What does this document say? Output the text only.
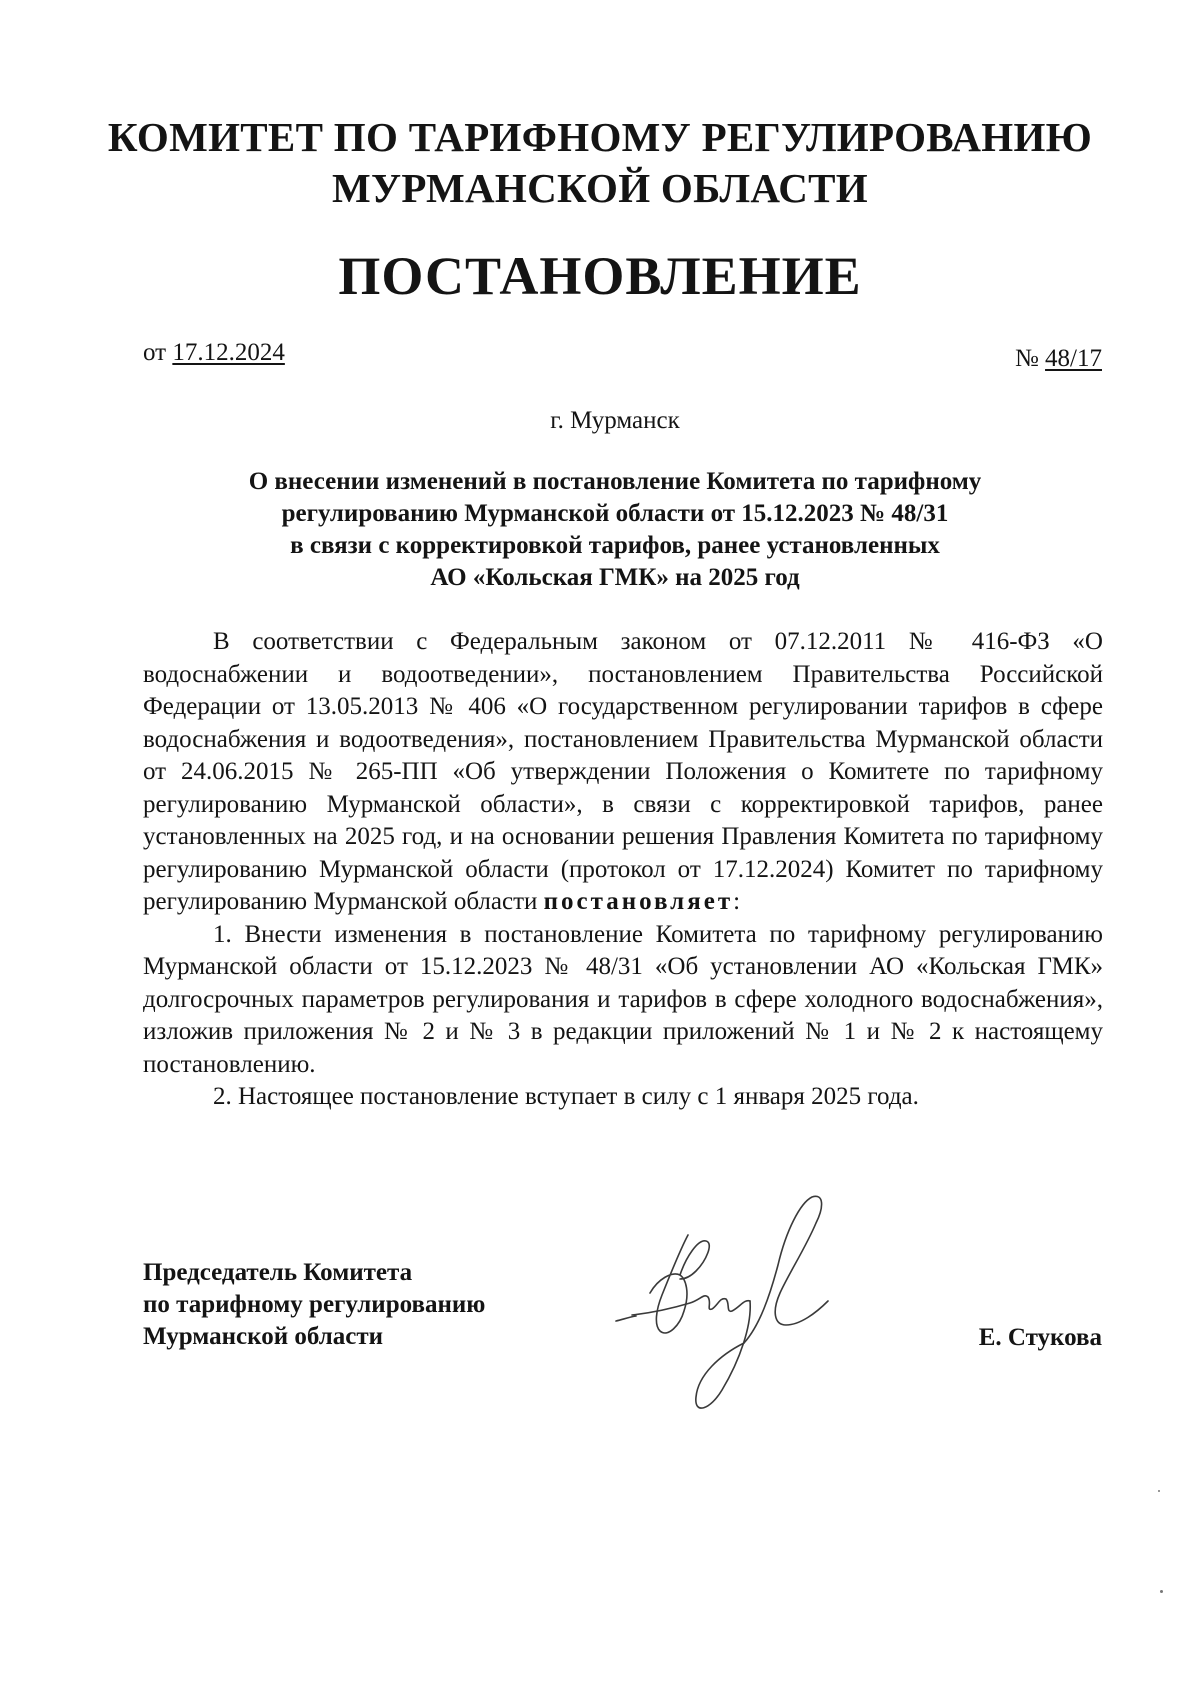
КОМИТЕТ ПО ТАРИФНОМУ РЕГУЛИРОВАНИЮ
МУРМАНСКОЙ ОБЛАСТИ
ПОСТАНОВЛЕНИЕ
от 17.12.2024	№ 48/17
г. Мурманск
О внесении изменений в постановление Комитета по тарифному
регулированию Мурманской области от 15.12.2023 № 48/31
в связи с корректировкой тарифов, ранее установленных
АО «Кольская ГМК» на 2025 год

В соответствии с Федеральным законом от 07.12.2011 № 416-ФЗ «О водоснабжении и водоотведении», постановлением Правительства Российской Федерации от 13.05.2013 № 406 «О государственном регулировании тарифов в сфере водоснабжения и водоотведения», постановлением Правительства Мурманской области от 24.06.2015 № 265-ПП «Об утверждении Положения о Комитете по тарифному регулированию Мурманской области», в связи с корректировкой тарифов, ранее установленных на 2025 год, и на основании решения Правления Комитета по тарифному регулированию Мурманской области (протокол от 17.12.2024) Комитет по тарифному регулированию Мурманской области постановляет:

1. Внести изменения в постановление Комитета по тарифному регулированию Мурманской области от 15.12.2023 № 48/31 «Об установлении АО «Кольская ГМК» долгосрочных параметров регулирования и тарифов в сфере холодного водоснабжения», изложив приложения № 2 и № 3 в редакции приложений № 1 и № 2 к настоящему постановлению.

2. Настоящее постановление вступает в силу с 1 января 2025 года.

Председатель Комитета
по тарифному регулированию
Мурманской области	Е. Стукова
